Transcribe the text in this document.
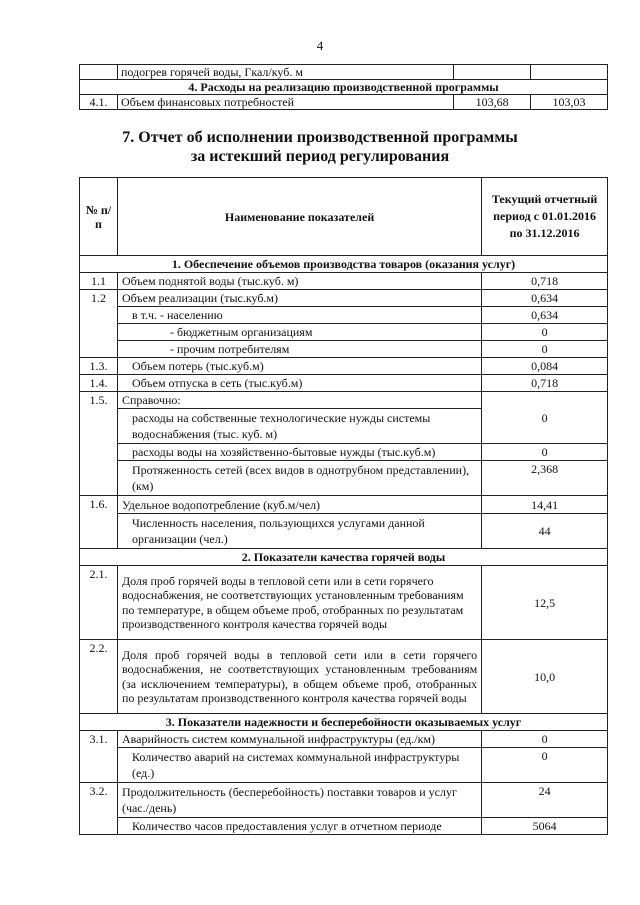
4
	подогрев горячей воды, Гкал/куб. м		
4. Расходы на реализацию производственной программы			
4.1.	Объем финансовых потребностей	103,68	103,03
7. Отчет об исполнении производственной программы
за истекший период регулирования
№ п/п	Наименование показателей	Текущий отчетный период с 01.01.2016 по 31.12.2016
1. Обеспечение объемов производства товаров (оказания услуг)		
1.1	Объем поднятой воды (тыс.куб. м)	0,718
1.2	Объем реализации (тыс.куб.м)	0,634
	в т.ч. - населению	0,634
	- бюджетным организациям	0
	- прочим потребителям	0
1.3.	Объем потерь (тыс.куб.м)	0,084
1.4.	Объем отпуска в сеть (тыс.куб.м)	0,718
1.5.	Справочно:	0
	расходы на собственные технологические нужды системы водоснабжения (тыс. куб. м)	
	расходы воды на хозяйственно-бытовые нужды (тыс.куб.м)	0
	Протяженность сетей (всех видов в однотрубном представлении), (км)	2,368
1.6.	Удельное водопотребление (куб.м/чел)	14,41
	Численность населения, пользующихся услугами данной организации (чел.)	44
2. Показатели качества горячей воды		
2.1.	Доля проб горячей воды в тепловой сети или в сети горячего водоснабжения, не соответствующих установленным требованиям по температуре, в общем объеме проб, отобранных по результатам производственного контроля качества горячей воды	12,5
2.2.	Доля проб горячей воды в тепловой сети или в сети горячего водоснабжения, не соответствующих установленным требованиям (за исключением температуры), в общем объеме проб, отобранных по результатам производственного контроля качества горячей воды	10,0
3. Показатели надежности и бесперебойности оказываемых услуг		
3.1.	Аварийность систем коммунальной инфраструктуры (ед./км)	0
	Количество аварий на системах коммунальной инфраструктуры (ед.)	0
3.2.	Продолжительность (бесперебойность) поставки товаров и услуг (час./день)	24
	Количество часов предоставления услуг в отчетном периоде	5064
